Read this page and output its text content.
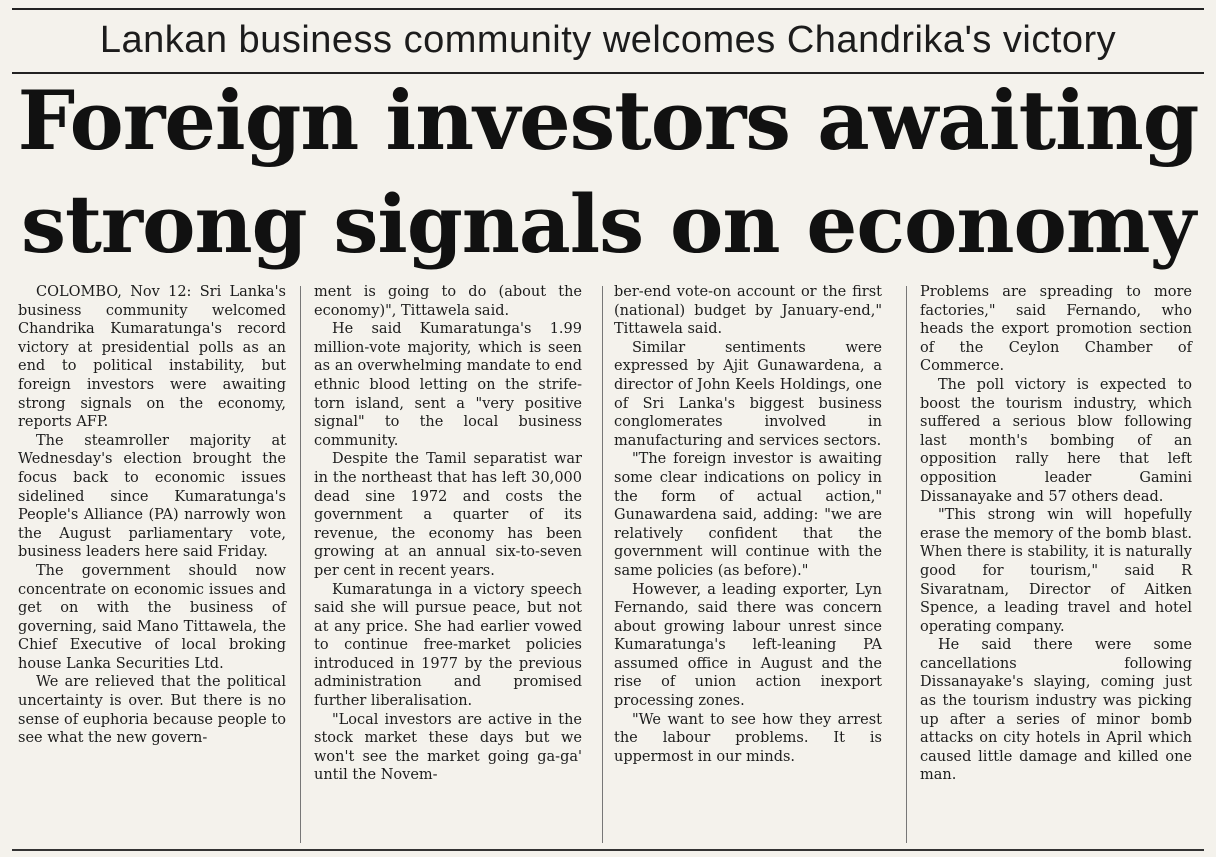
Lankan business community welcomes Chandrika's victory
Foreign investors awaiting
strong signals on economy

COLOMBO, Nov 12: Sri Lanka's business community welcomed Chandrika Kumaratunga's record victory at presidential polls as an end to political instability, but foreign investors were awaiting strong signals on the economy, reports AFP.

The steamroller majority at Wednesday's election brought the focus back to economic issues sidelined since Kumaratunga's People's Alliance (PA) narrowly won the August parliamentary vote, business leaders here said Friday.

The government should now concentrate on economic issues and get on with the business of governing, said Mano Tittawela, the Chief Executive of local broking house Lanka Securities Ltd.

We are relieved that the political uncertainty is over. But there is no sense of euphoria because people to see what the new govern-

ment is going to do (about the economy)", Tittawela said.

He said Kumaratunga's 1.99 million-vote majority, which is seen as an overwhelming mandate to end ethnic blood letting on the strife-torn island, sent a "very positive signal" to the local business community.

Despite the Tamil separatist war in the northeast that has left 30,000 dead sine 1972 and costs the government a quarter of its revenue, the economy has been growing at an annual six-to-seven per cent in recent years.

Kumaratunga in a victory speech said she will pursue peace, but not at any price. She had earlier vowed to continue free-market policies introduced in 1977 by the previous administration and promised further liberalisation.

"Local investors are active in the stock market these days but we won't see the market going ga-ga' until the Novem-

ber-end vote-on account or the first (national) budget by January-end," Tittawela said.

Similar sentiments were expressed by Ajit Gunawardena, a director of John Keels Holdings, one of Sri Lanka's biggest business conglomerates involved in manufacturing and services sectors.

"The foreign investor is awaiting some clear indications on policy in the form of actual action," Gunawardena said, adding: "we are relatively confident that the government will continue with the same policies (as before)."

However, a leading exporter, Lyn Fernando, said there was concern about growing labour unrest since Kumaratunga's left-leaning PA assumed office in August and the rise of union action inexport processing zones.

"We want to see how they arrest the labour problems. It is uppermost in our minds.

Problems are spreading to more factories," said Fernando, who heads the export promotion section of the Ceylon Chamber of Commerce.

The poll victory is expected to boost the tourism industry, which suffered a serious blow following last month's bombing of an opposition rally here that left opposition leader Gamini Dissanayake and 57 others dead.

"This strong win will hopefully erase the memory of the bomb blast. When there is stability, it is naturally good for tourism," said R Sivaratnam, Director of Aitken Spence, a leading travel and hotel operating company.

He said there were some cancellations following Dissanayake's slaying, coming just as the tourism industry was picking up after a series of minor bomb attacks on city hotels in April which caused little damage and killed one man.
